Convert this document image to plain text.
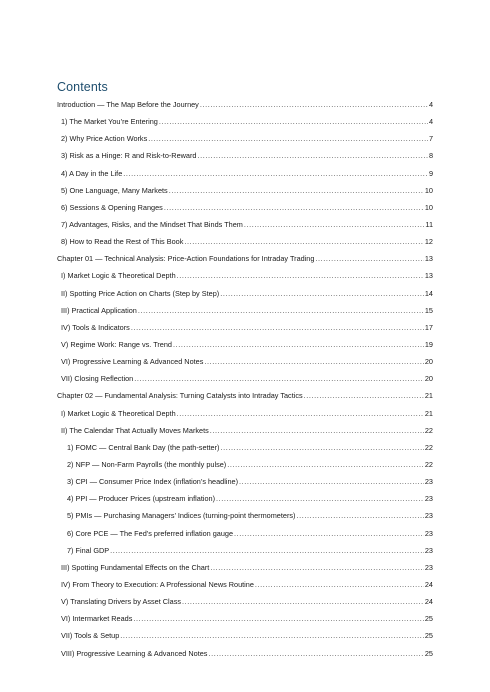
Contents
Introduction — The Map Before the Journey .....	4
1) The Market You’re Entering .....	4
2) Why Price Action Works .....	7
3) Risk as a Hinge: R and Risk-to-Reward .....	8
4) A Day in the Life .....	9
5) One Language, Many Markets .....	10
6) Sessions & Opening Ranges .....	10
7) Advantages, Risks, and the Mindset That Binds Them .....	11
8) How to Read the Rest of This Book .....	12
Chapter 01 — Technical Analysis: Price-Action Foundations for Intraday Trading .....	13
I) Market Logic & Theoretical Depth .....	13
II) Spotting Price Action on Charts (Step by Step) .....	14
III) Practical Application .....	15
IV) Tools & Indicators .....	17
V) Regime Work: Range vs. Trend .....	19
VI) Progressive Learning & Advanced Notes .....	20
VII) Closing Reflection .....	20
Chapter 02 — Fundamental Analysis: Turning Catalysts into Intraday Tactics .....	21
I) Market Logic & Theoretical Depth .....	21
II) The Calendar That Actually Moves Markets .....	22
1) FOMC — Central Bank Day (the path-setter) .....	22
2) NFP — Non-Farm Payrolls (the monthly pulse) .....	22
3) CPI — Consumer Price Index (inflation’s headline) .....	23
4) PPI — Producer Prices (upstream inflation) .....	23
5) PMIs — Purchasing Managers’ Indices (turning-point thermometers) .....	23
6) Core PCE — The Fed’s preferred inflation gauge .....	23
7) Final GDP .....	23
III) Spotting Fundamental Effects on the Chart .....	23
IV) From Theory to Execution: A Professional News Routine .....	24
V) Translating Drivers by Asset Class .....	24
VI) Intermarket Reads .....	25
VII) Tools & Setup .....	25
VIII) Progressive Learning & Advanced Notes .....	25
